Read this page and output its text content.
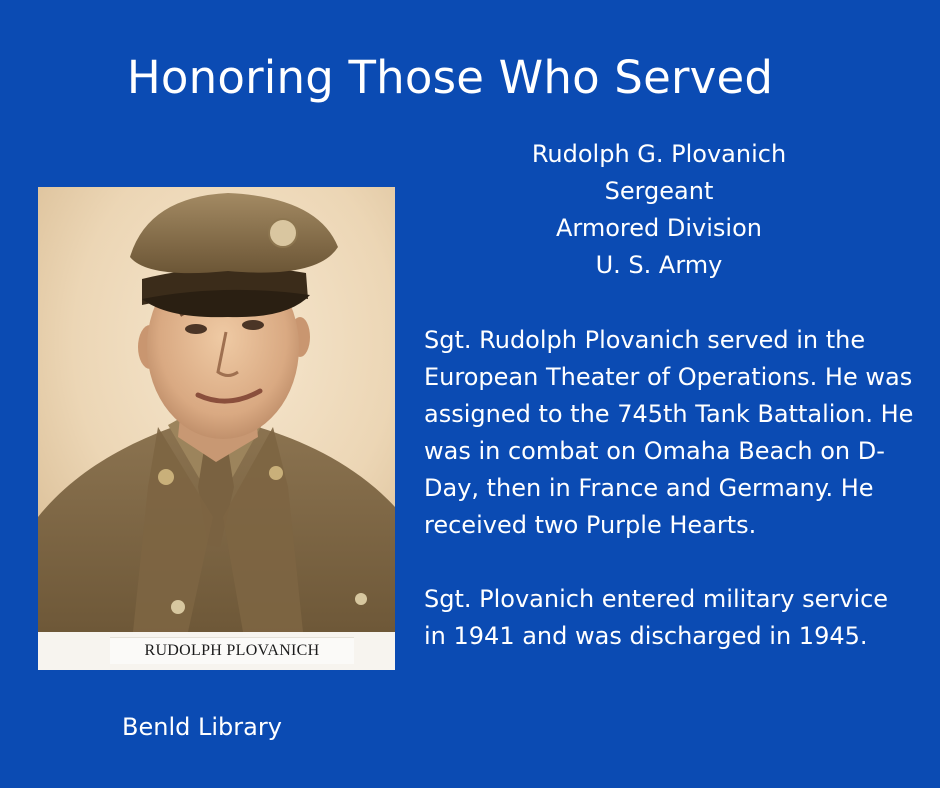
Honoring Those Who Served
Rudolph G. Plovanich
Sergeant
Armored Division
U. S. Army

Sgt. Rudolph Plovanich served in the European Theater of Operations. He was assigned to the 745th Tank Battalion. He was in combat on Omaha Beach on D-Day, then in France and Germany. He received two Purple Hearts.

Sgt. Plovanich entered military service in 1941 and was discharged in 1945.

RUDOLPH PLOVANICH
Benld Library
